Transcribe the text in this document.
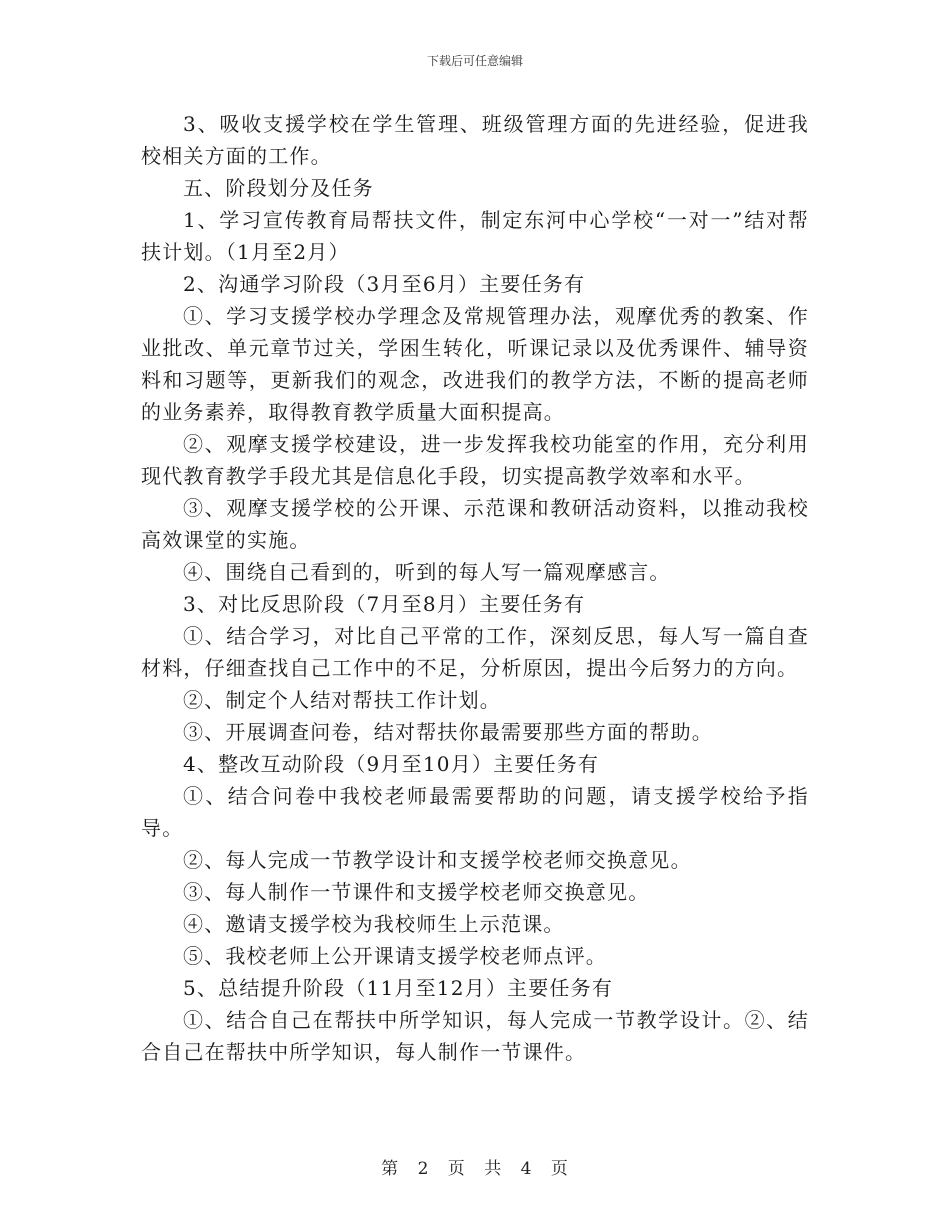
下载后可任意编辑

3、吸收支援学校在学生管理、班级管理方面的先进经验，促进我校相关方面的工作。

五、阶段划分及任务

1、学习宣传教育局帮扶文件，制定东河中心学校“一对一”结对帮扶计划。（1月至2月）

2、沟通学习阶段（3月至6月）主要任务有

①、学习支援学校办学理念及常规管理办法，观摩优秀的教案、作业批改、单元章节过关，学困生转化，听课记录以及优秀课件、辅导资料和习题等，更新我们的观念，改进我们的教学方法，不断的提高老师的业务素养，取得教育教学质量大面积提高。

②、观摩支援学校建设，进一步发挥我校功能室的作用，充分利用现代教育教学手段尤其是信息化手段，切实提高教学效率和水平。

③、观摩支援学校的公开课、示范课和教研活动资料，以推动我校高效课堂的实施。

④、围绕自己看到的，听到的每人写一篇观摩感言。

3、对比反思阶段（7月至8月）主要任务有

①、结合学习，对比自己平常的工作，深刻反思，每人写一篇自查材料，仔细查找自己工作中的不足，分析原因，提出今后努力的方向。

②、制定个人结对帮扶工作计划。

③、开展调查问卷，结对帮扶你最需要那些方面的帮助。

4、整改互动阶段（9月至10月）主要任务有

①、结合问卷中我校老师最需要帮助的问题，请支援学校给予指导。

②、每人完成一节教学设计和支援学校老师交换意见。

③、每人制作一节课件和支援学校老师交换意见。

④、邀请支援学校为我校师生上示范课。

⑤、我校老师上公开课请支援学校老师点评。

5、总结提升阶段（11月至12月）主要任务有

①、结合自己在帮扶中所学知识，每人完成一节教学设计。②、结合自己在帮扶中所学知识，每人制作一节课件。

第 2 页 共 4 页
